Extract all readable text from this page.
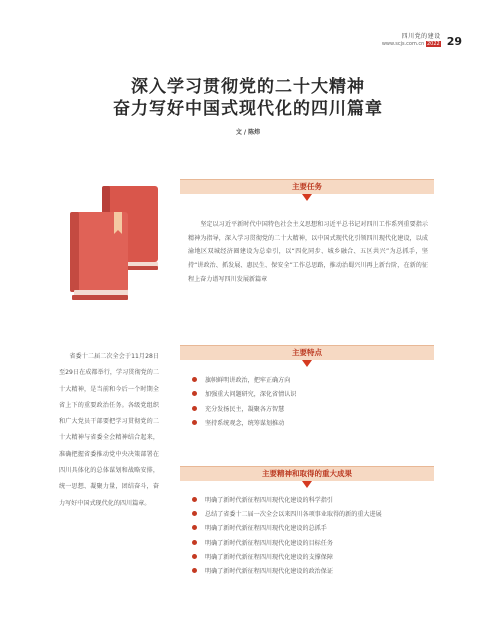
四川党的建设
www.scjs.com.cn 2022 29
深入学习贯彻党的二十大精神
奋力写好中国式现代化的四川篇章
文 / 陈炜
主要任务

坚定以习近平新时代中国特色社会主义思想和习近平总书记对四川工作系列重要指示精神为指导，深入学习贯彻党的二十大精神，以中国式现代化引领四川现代化建设，以成渝地区双城经济圈建设为总牵引，以“四化同步、城乡融合、五区共兴”为总抓手，坚持“讲政治、抓发展、惠民生、保安全”工作总思路，推动治蜀兴川再上新台阶，在新的征程上奋力谱写四川发展新篇章

省委十二届二次全会于11月28日至29日在成都举行，学习贯彻党的二十大精神，是当前和今后一个时期全省上下的重要政治任务。各级党组织和广大党员干部要把学习贯彻党的二十大精神与省委全会精神结合起来，准确把握省委推动党中央决策部署在四川具体化的总体谋划和战略安排，统一思想、凝聚力量，团结奋斗，奋力写好中国式现代化的四川篇章。

主要特点
旗帜鲜明讲政治，把牢正确方向
加强重大问题研究，深化省情认识
充分发扬民主，凝聚各方智慧
坚持系统观念，统筹谋划推动
主要精神和取得的重大成果
明确了新时代新征程四川现代化建设的科学指引
总结了省委十二届一次全会以来四川各项事业取得的新的重大进展
明确了新时代新征程四川现代化建设的总抓手
明确了新时代新征程四川现代化建设的目标任务
明确了新时代新征程四川现代化建设的支撑保障
明确了新时代新征程四川现代化建设的政治保证
